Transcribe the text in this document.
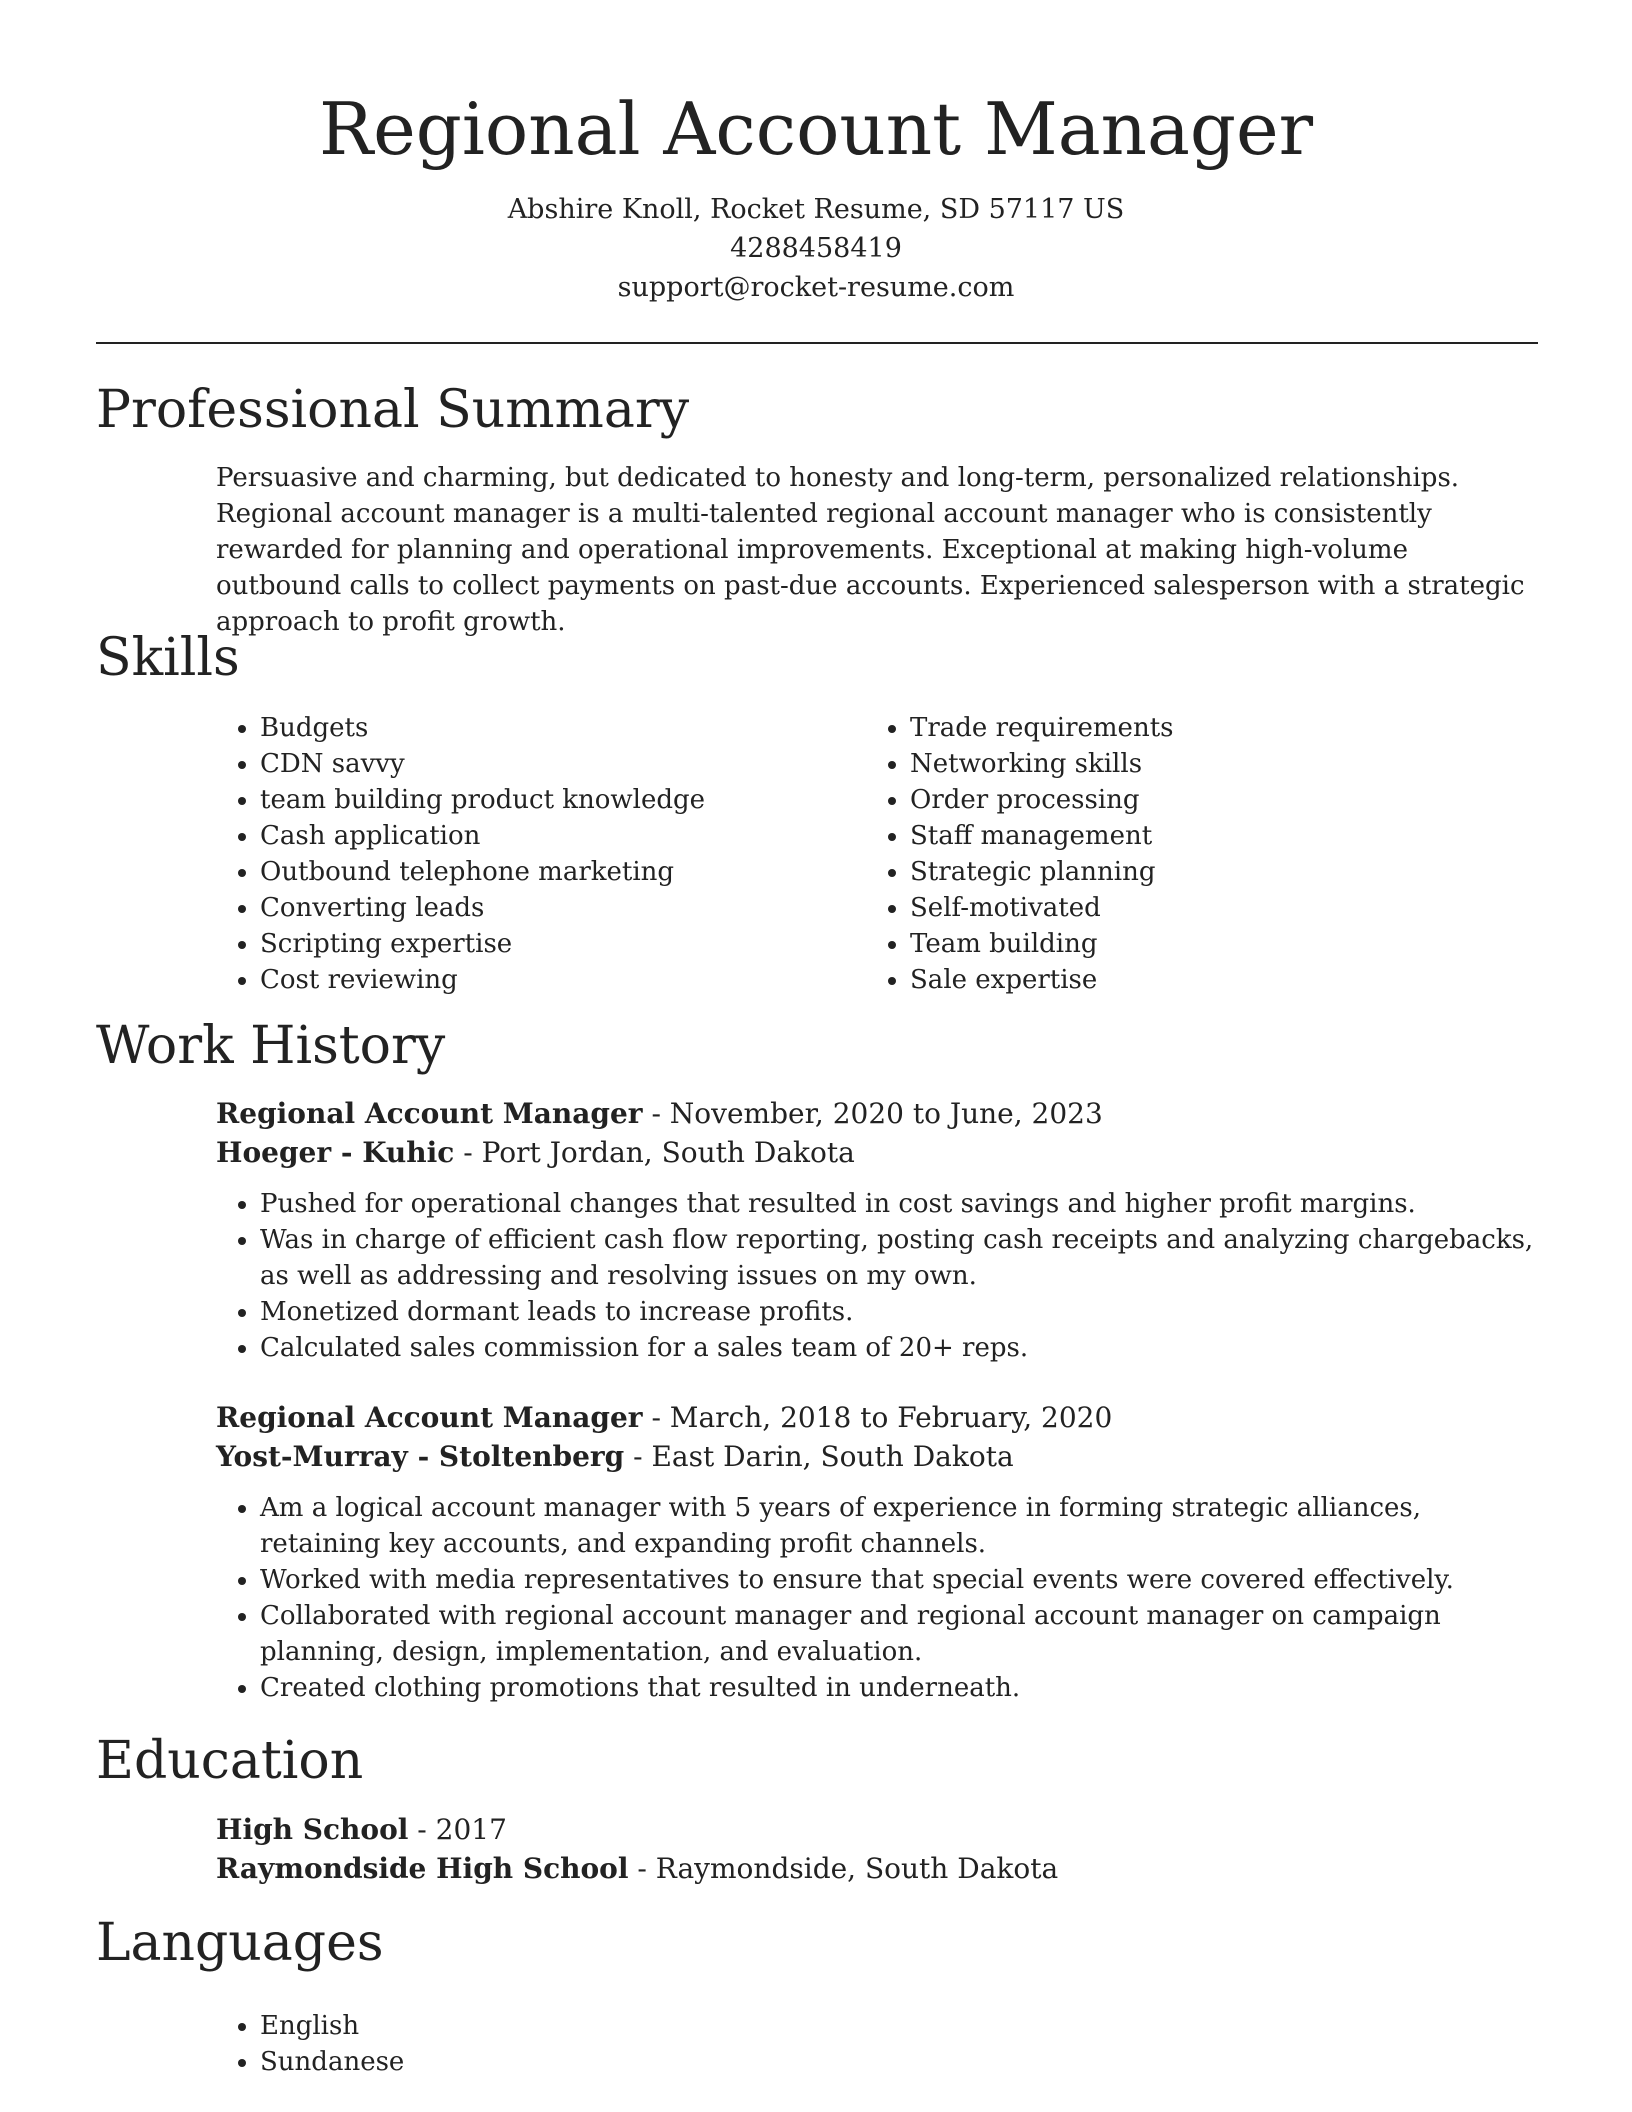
Regional Account Manager

Abshire Knoll, Rocket Resume, SD 57117 US

4288458419

support@rocket-resume.com

Professional Summary

Persuasive and charming, but dedicated to honesty and long-term, personalized relationships. Regional account manager is a multi-talented regional account manager who is consistently rewarded for planning and operational improvements. Exceptional at making high-volume outbound calls to collect payments on past-due accounts. Experienced salesperson with a strategic approach to profit growth.

Skills
• Budgets
• CDN savvy
• team building product knowledge
• Cash application
• Outbound telephone marketing
• Converting leads
• Scripting expertise
• Cost reviewing
• Trade requirements
• Networking skills
• Order processing
• Staff management
• Strategic planning
• Self-motivated
• Team building
• Sale expertise
Work History

Regional Account Manager - November, 2020 to June, 2023

Hoeger - Kuhic - Port Jordan, South Dakota

• Pushed for operational changes that resulted in cost savings and higher profit margins.
• Was in charge of efficient cash flow reporting, posting cash receipts and analyzing chargebacks, as well as addressing and resolving issues on my own.
• Monetized dormant leads to increase profits.
• Calculated sales commission for a sales team of 20+ reps.

Regional Account Manager - March, 2018 to February, 2020

Yost-Murray - Stoltenberg - East Darin, South Dakota

• Am a logical account manager with 5 years of experience in forming strategic alliances, retaining key accounts, and expanding profit channels.
• Worked with media representatives to ensure that special events were covered effectively.
• Collaborated with regional account manager and regional account manager on campaign planning, design, implementation, and evaluation.
• Created clothing promotions that resulted in underneath.
Education

High School - 2017

Raymondside High School - Raymondside, South Dakota

Languages
• English
• Sundanese
